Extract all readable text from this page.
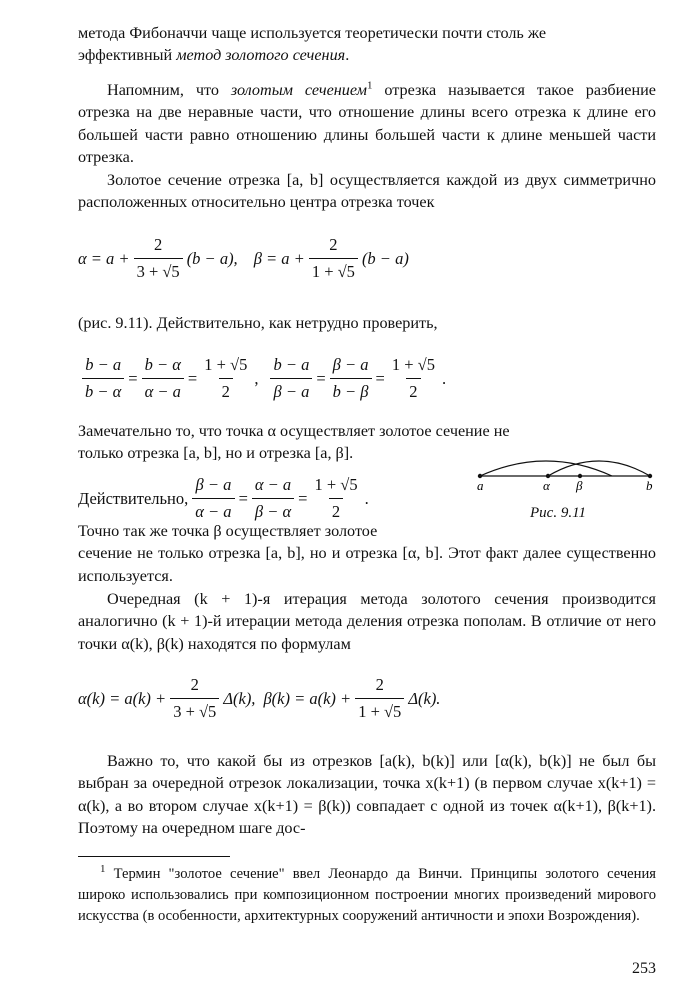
метода Фибоначчи чаще используется теоретически почти столь же

эффективный метод золотого сечения.

Напомним, что золотым сечением$^1$ отрезка называется такое разбиение отрезка на две неравные части, что отношение длины всего отрезка к длине его большей части равно отношению длины большей части к длине меньшей части отрезка.

Золотое сечение отрезка [a, b] осуществляется каждой из двух симметрично расположенных относительно центра отрезка точек

$\alpha = a + \frac{2}{3 + √5} (b - a)$, $\beta = a + \frac{2}{1 + √5} (b - a)$

(рис. 9.11). Действительно, как нетрудно проверить,

$\frac{b - a}{b - \alpha} = \frac{b - \alpha}{\alpha - a} = \frac{1 + √5}{2}$ , $\frac{b - a}{\beta - a} = \frac{\beta - a}{b - \beta} = \frac{1 + √5}{2}$ .

Замечательно то, что точка α осуществляет золотое сечение не

только отрезка [a, b], но и отрезка [a, β].

Действительно, $\frac{\beta - a}{\alpha - a} = \frac{\alpha - a}{\beta - \alpha} = \frac{1 + √5}{2}$ .
a	α β	b
Рис. 9.11

Точно так же точка β осуществляет золотое

сечение не только отрезка [a, b], но и отрезка [α, b]. Этот факт далее существенно используется.

Очередная (k + 1)-я итерация метода золотого сечения производится аналогично (k + 1)-й итерации метода деления отрезка пополам. В отличие от него точки α(k), β(k) находятся по формулам

$\alpha(k) = a(k) + \frac{2}{3 + √5} \Delta(k)$, $\beta(k) = a(k) + \frac{2}{1 + √5} \Delta(k)$.

Важно то, что какой бы из отрезков [a(k), b(k)] или [α(k), b(k)] не был бы выбран за очередной отрезок локализации, точка x(k+1) (в первом случае x(k+1) = α(k), а во втором случае x(k+1) = β(k)) совпадает с одной из точек α(k+1), β(k+1). Поэтому на очередном шаге дос-

$^1$ Термин "золотое сечение" ввел Леонардо да Винчи. Принципы золотого сечения широко использовались при композиционном построении многих произведений мирового искусства (в особенности, архитектурных сооружений античности и эпохи Возрождения).
253
